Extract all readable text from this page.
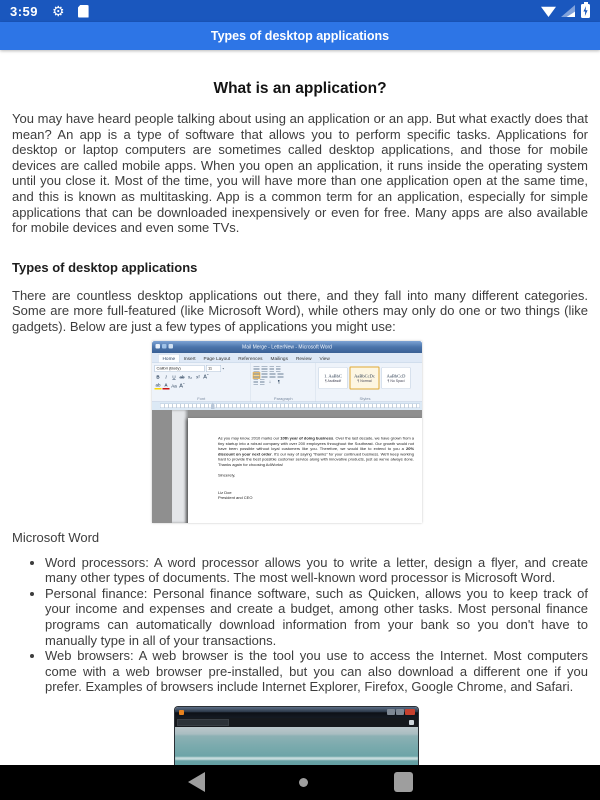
3:59 ⚙
Types of desktop applications
What is an application?

You may have heard people talking about using an application or an app. But what exactly does that mean? An app is a type of software that allows you to perform specific tasks. Applications for desktop or laptop computers are sometimes called desktop applications, and those for mobile devices are called mobile apps. When you open an application, it runs inside the operating system until you close it. Most of the time, you will have more than one application open at the same time, and this is known as multitasking. App is a common term for an application, especially for simple applications that can be downloaded inexpensively or even for free. Many apps are also available for mobile devices and even some TVs.

Types of desktop applications

There are countless desktop applications out there, and they fall into many different categories. Some are more full-featured (like Microsoft Word), while others may only do one or two things (like gadgets). Below are just a few types of applications you might use:

Mail Merge - LetterNew - Microsoft Word
Home Insert Page Layout References Mailings Review View
Calibri (Body)	11	▾
B I U ab x₂ x² Aˆ
ab A Aa Aˇ
Font
↓ ¶
Paragraph
1. AaBbC
¶ Asdfasdf
AaBbCcDc
¶ Normal
AaBbCcD
¶ No Spaci
Styles

As you may know, 2010 marks our 10th year of doing business. Over the last decade, we have grown from a tiny startup into a robust company with over 200 employees throughout the Southeast. Our growth would not have been possible without loyal customers like you. Therefore, we would like to extend to you a 20% discount on your next order. It's our way of saying "thanks" for your continued business. We'll keep working hard to provide the best possible customer service along with innovative products, just as we've always done. Thanks again for choosing AdWorks!

Sincerely,
Liz Doe
President and CEO
Microsoft Word
• Word processors: A word processor allows you to write a letter, design a flyer, and create many other types of documents. The most well-known word processor is Microsoft Word.
• Personal finance: Personal finance software, such as Quicken, allows you to keep track of your income and expenses and create a budget, among other tasks. Most personal finance programs can automatically download information from your bank so you don't have to manually type in all of your transactions.
• Web browsers: A web browser is the tool you use to access the Internet. Most computers come with a web browser pre-installed, but you can also download a different one if you prefer. Examples of browsers include Internet Explorer, Firefox, Google Chrome, and Safari.
